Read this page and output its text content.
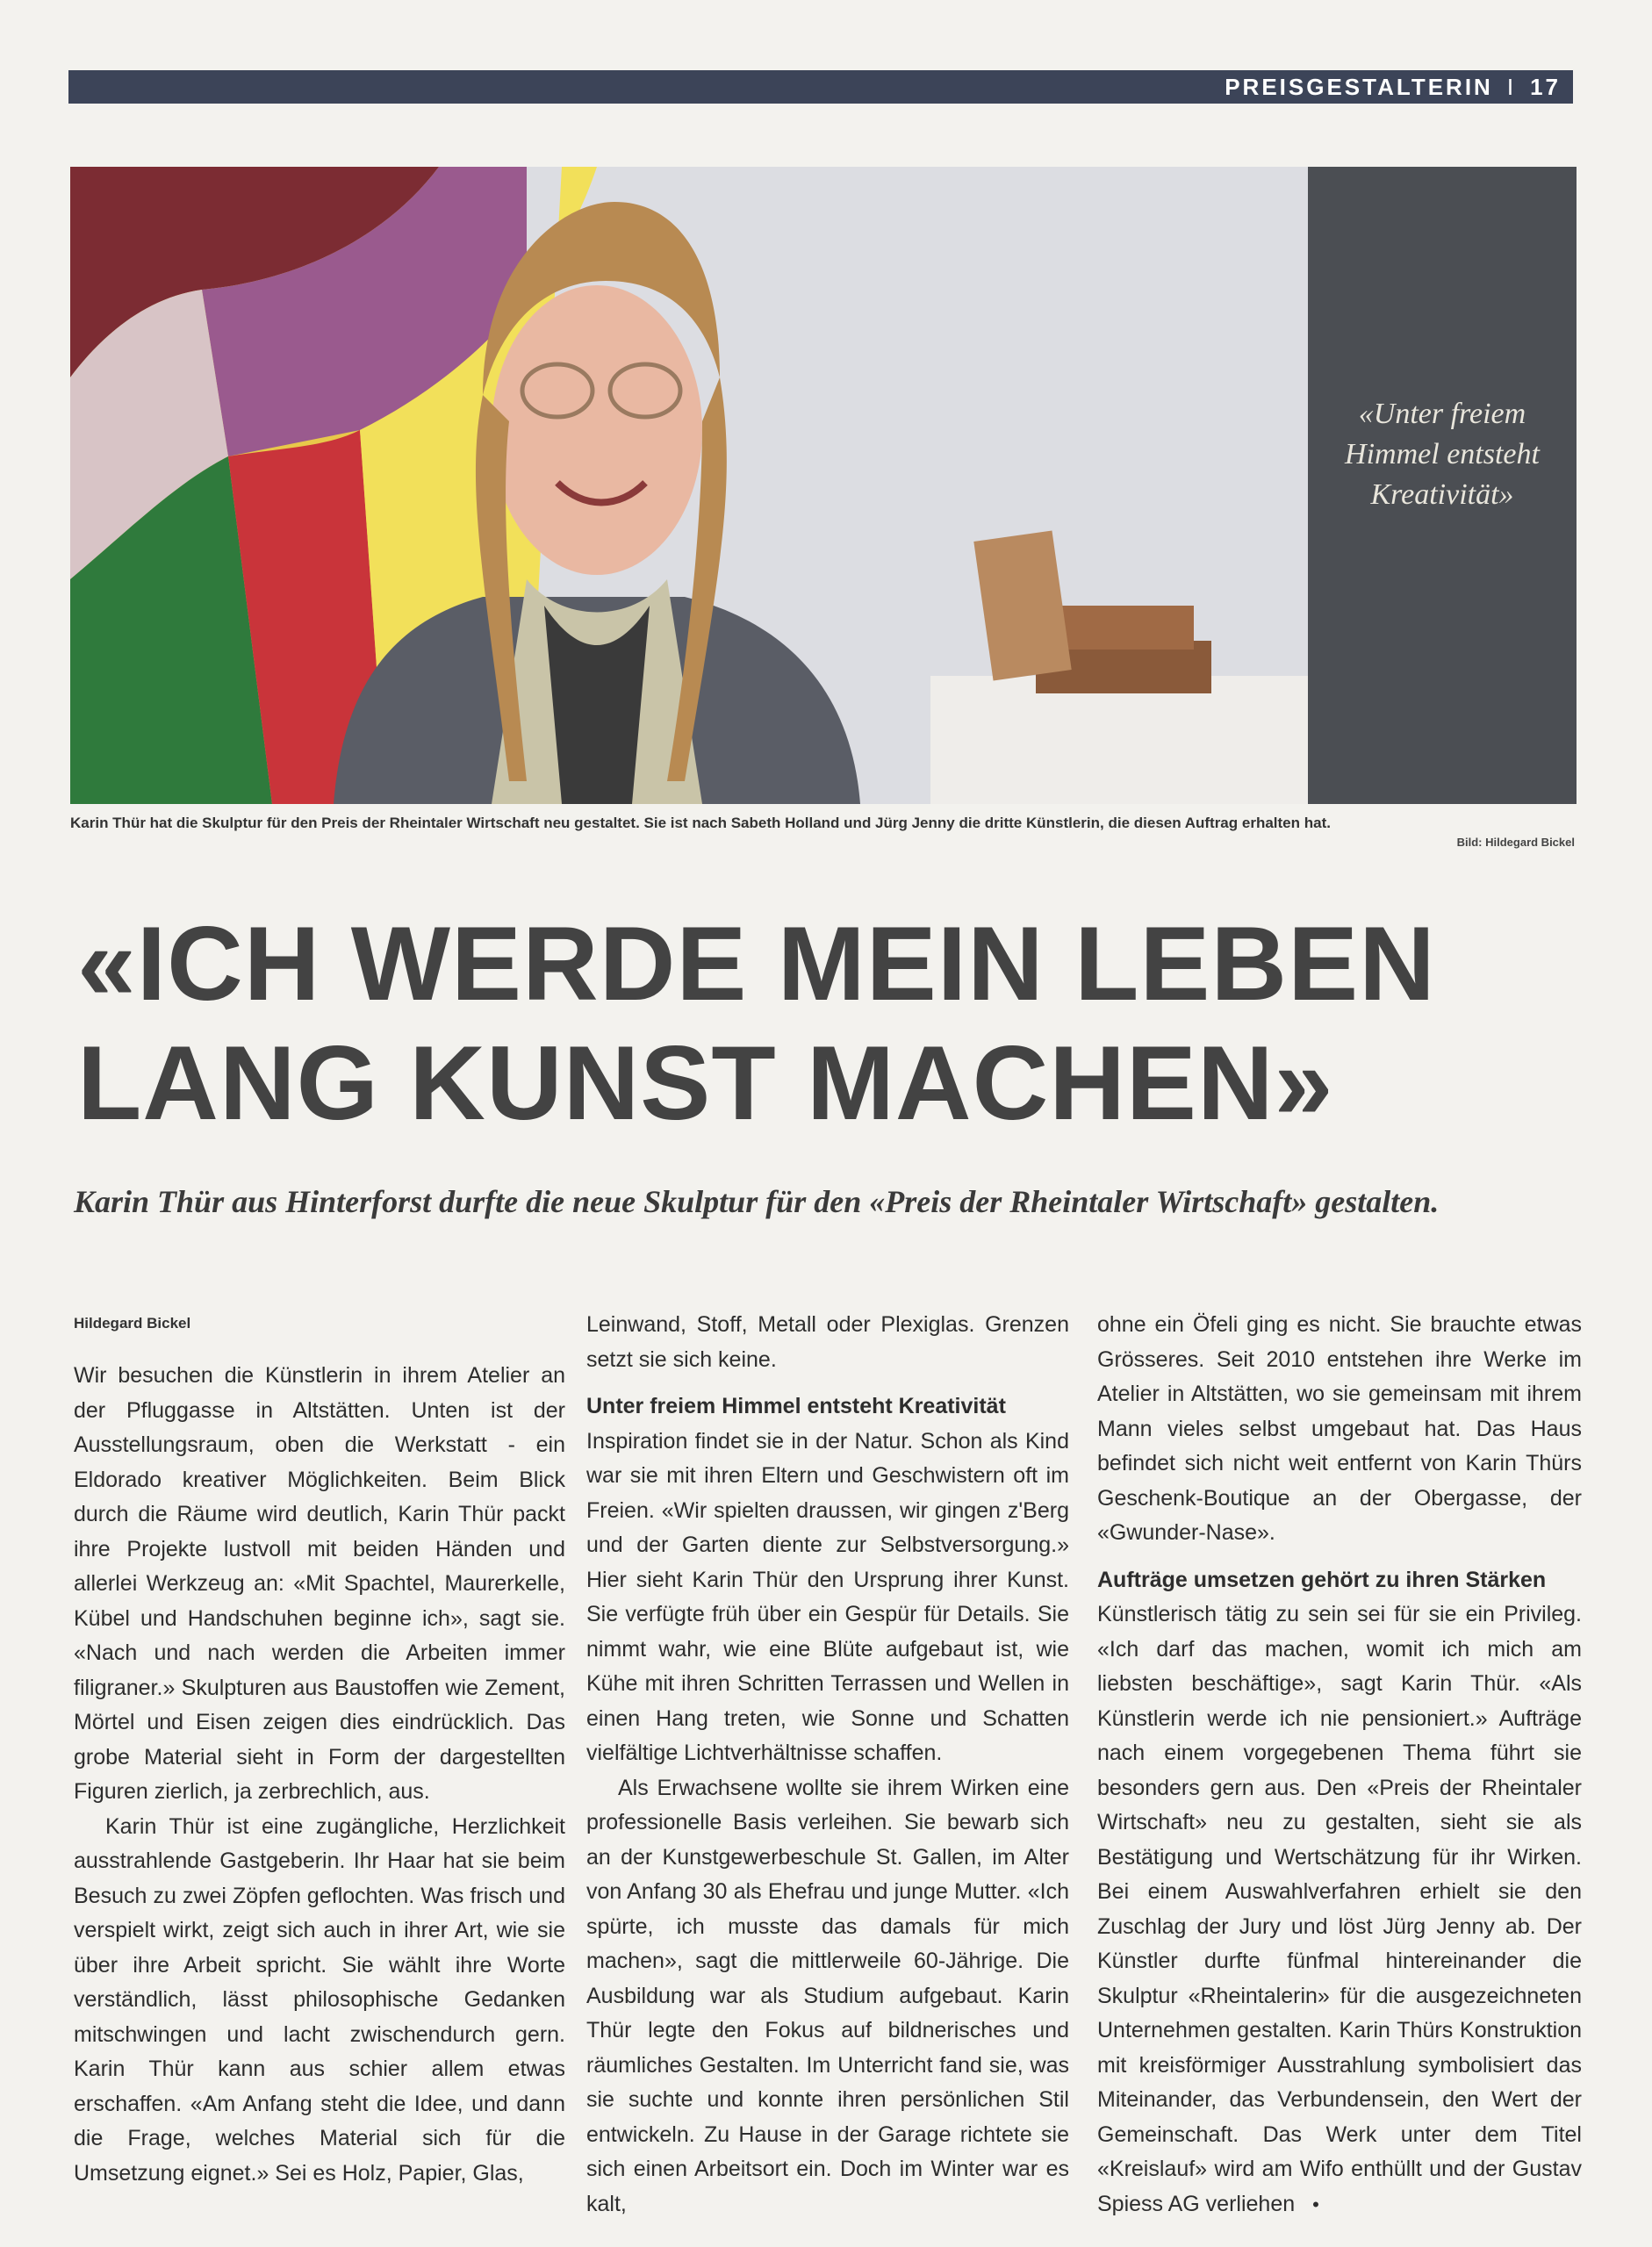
PREISGESTALTERIN I 17
«Unter freiem Himmel entsteht Kreativität»
Karin Thür hat die Skulptur für den Preis der Rheintaler Wirtschaft neu gestaltet. Sie ist nach Sabeth Holland und Jürg Jenny die dritte Künstlerin, die diesen Auftrag erhalten hat.
Bild: Hildegard Bickel
«ICH WERDE MEIN LEBEN LANG KUNST MACHEN»
Karin Thür aus Hinterforst durfte die neue Skulptur für den «Preis der Rheintaler Wirtschaft» gestalten.
Hildegard Bickel

Wir besuchen die Künstlerin in ihrem Atelier an der Pfluggasse in Altstätten. Unten ist der Ausstellungsraum, oben die Werkstatt - ein Eldorado kreativer Möglichkeiten. Beim Blick durch die Räume wird deutlich, Karin Thür packt ihre Projekte lustvoll mit beiden Händen und allerlei Werkzeug an: «Mit Spachtel, Maurerkelle, Kübel und Handschuhen beginne ich», sagt sie. «Nach und nach werden die Arbeiten immer filigraner.» Skulpturen aus Baustoffen wie Zement, Mörtel und Eisen zeigen dies eindrücklich. Das grobe Material sieht in Form der dargestellten Figuren zierlich, ja zerbrechlich, aus.

Karin Thür ist eine zugängliche, Herzlichkeit ausstrahlende Gastgeberin. Ihr Haar hat sie beim Besuch zu zwei Zöpfen geflochten. Was frisch und verspielt wirkt, zeigt sich auch in ihrer Art, wie sie über ihre Arbeit spricht. Sie wählt ihre Worte verständlich, lässt philosophische Gedanken mitschwingen und lacht zwischendurch gern. Karin Thür kann aus schier allem etwas erschaffen. «Am Anfang steht die Idee, und dann die Frage, welches Material sich für die Umsetzung eignet.» Sei es Holz, Papier, Glas,

Leinwand, Stoff, Metall oder Plexiglas. Grenzen setzt sie sich keine.

Unter freiem Himmel entsteht Kreativität

Inspiration findet sie in der Natur. Schon als Kind war sie mit ihren Eltern und Geschwistern oft im Freien. «Wir spielten draussen, wir gingen z'Berg und der Garten diente zur Selbstversorgung.» Hier sieht Karin Thür den Ursprung ihrer Kunst. Sie verfügte früh über ein Gespür für Details. Sie nimmt wahr, wie eine Blüte aufgebaut ist, wie Kühe mit ihren Schritten Terrassen und Wellen in einen Hang treten, wie Sonne und Schatten vielfältige Lichtverhältnisse schaffen.

Als Erwachsene wollte sie ihrem Wirken eine professionelle Basis verleihen. Sie bewarb sich an der Kunstgewerbeschule St. Gallen, im Alter von Anfang 30 als Ehefrau und junge Mutter. «Ich spürte, ich musste das damals für mich machen», sagt die mittlerweile 60-Jährige. Die Ausbildung war als Studium aufgebaut. Karin Thür legte den Fokus auf bildnerisches und räumliches Gestalten. Im Unterricht fand sie, was sie suchte und konnte ihren persönlichen Stil entwickeln. Zu Hause in der Garage richtete sie sich einen Arbeitsort ein. Doch im Winter war es kalt,

ohne ein Öfeli ging es nicht. Sie brauchte etwas Grösseres. Seit 2010 entstehen ihre Werke im Atelier in Altstätten, wo sie gemeinsam mit ihrem Mann vieles selbst umgebaut hat. Das Haus befindet sich nicht weit entfernt von Karin Thürs Geschenk-Boutique an der Obergasse, der «Gwunder-Nase».

Aufträge umsetzen gehört zu ihren Stärken

Künstlerisch tätig zu sein sei für sie ein Privileg. «Ich darf das machen, womit ich mich am liebsten beschäftige», sagt Karin Thür. «Als Künstlerin werde ich nie pensioniert.» Aufträge nach einem vorgegebenen Thema führt sie besonders gern aus. Den «Preis der Rheintaler Wirtschaft» neu zu gestalten, sieht sie als Bestätigung und Wertschätzung für ihr Wirken. Bei einem Auswahlverfahren erhielt sie den Zuschlag der Jury und löst Jürg Jenny ab. Der Künstler durfte fünfmal hintereinander die Skulptur «Rheintalerin» für die ausgezeichneten Unternehmen gestalten. Karin Thürs Konstruktion mit kreisförmiger Ausstrahlung symbolisiert das Miteinander, das Verbundensein, den Wert der Gemeinschaft. Das Werk unter dem Titel «Kreislauf» wird am Wifo enthüllt und der Gustav Spiess AG verliehen •
